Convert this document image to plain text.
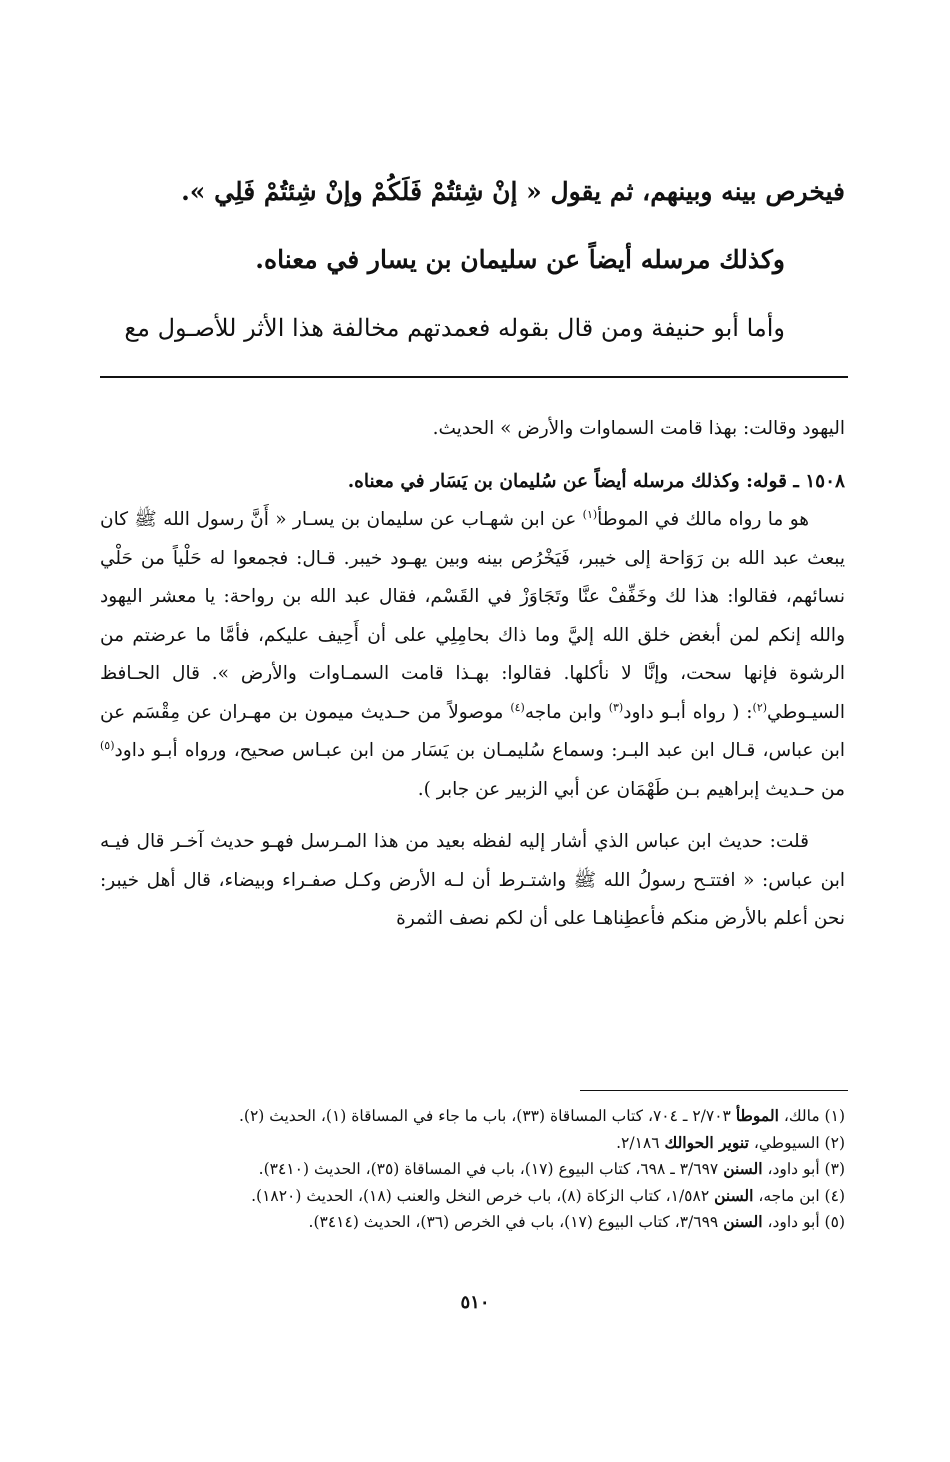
فيخرص بينه وبينهم، ثم يقول « إنْ شِئتُمْ فَلَكُمْ وإنْ شِئتُمْ فَلِي ».

وكذلك مرسله أيضاً عن سليمان بن يسار في معناه.

وأما أبو حنيفة ومن قال بقوله فعمدتهم مخالفة هذا الأثر للأصـول مع

اليهود وقالت: بهذا قامت السماوات والأرض » الحديث.

١٥٠٨ ـ قوله: وكذلك مرسله أيضاً عن سُليمان بن يَسَار في معناه.

هو ما رواه مالك في الموطأ$^{(١)}$ عن ابن شهـاب عن سليمان بن يسـار « أَنَّ رسول الله ﷺ كان يبعث عبد الله بن رَوَاحة إلى خيبر، فَيَخْرُص بينه وبين يهـود خيبر. قـال: فجمعوا له حَلْياً من حَلْي نسائهم، فقالوا: هذا لك وخَفِّفْ عنَّا وتَجَاوَزْ في القَسْم، فقال عبد الله بن رواحة: يا معشر اليهود والله إنكم لمن أبغض خلق الله إليَّ وما ذاك بحامِلِي على أن أَحِيف عليكم، فأمَّا ما عرضتم من الرشوة فإنها سحت، وإنَّا لا نأكلها. فقالوا: بهـذا قامت السمـاوات والأرض ». قال الحـافظ السيـوطي$^{(٢)}$: ( رواه أبـو داود$^{(٣)}$ وابن ماجه$^{(٤)}$ موصولاً من حـديث ميمون بن مهـران عن مِقْسَم عن ابن عباس، قـال ابن عبد البـر: وسماع سُليمـان بن يَسَار من ابن عبـاس صحيح، ورواه أبـو داود$^{(٥)}$ من حـديث إبراهيم بـن طَهْمَان عن أبي الزبير عن جابر ).

قلت: حديث ابن عباس الذي أشار إليه لفظه بعيد من هذا المـرسل فهـو حديث آخـر قال فيـه ابن عباس: « افتتـح رسولُ الله ﷺ واشتـرط أن لـه الأرض وكـل صفـراء وبيضاء، قال أهل خيبر: نحن أعلم بالأرض منكم فأعطِناهـا على أن لكم نصف الثمرة

(١) مالك، الموطأ ٢/٧٠٣ ـ ٧٠٤، كتاب المساقاة (٣٣)، باب ما جاء في المساقاة (١)، الحديث (٢).

(٢) السيوطي، تنوير الحوالك ٢/١٨٦.

(٣) أبو داود، السنن ٣/٦٩٧ ـ ٦٩٨، كتاب البيوع (١٧)، باب في المساقاة (٣٥)، الحديث (٣٤١٠).

(٤) ابن ماجه، السنن ١/٥٨٢، كتاب الزكاة (٨)، باب خرص النخل والعنب (١٨)، الحديث (١٨٢٠).

(٥) أبو داود، السنن ٣/٦٩٩، كتاب البيوع (١٧)، باب في الخرص (٣٦)، الحديث (٣٤١٤).

٥١٠
